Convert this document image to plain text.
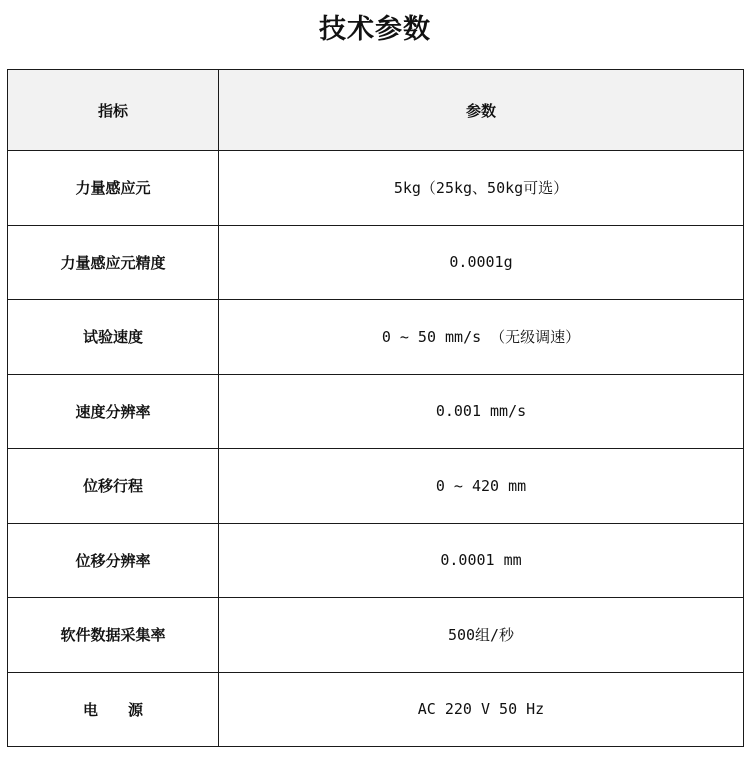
技术参数
指标	参数
力量感应元	5kg（25kg、50kg可选）
力量感应元精度	0.0001g
试验速度	0 ~ 50 mm/s （无级调速）
速度分辨率	0.001 mm/s
位移行程	0 ~ 420 mm
位移分辨率	0.0001 mm
软件数据采集率	500组/秒
电　　源	AC 220 V 50 Hz
